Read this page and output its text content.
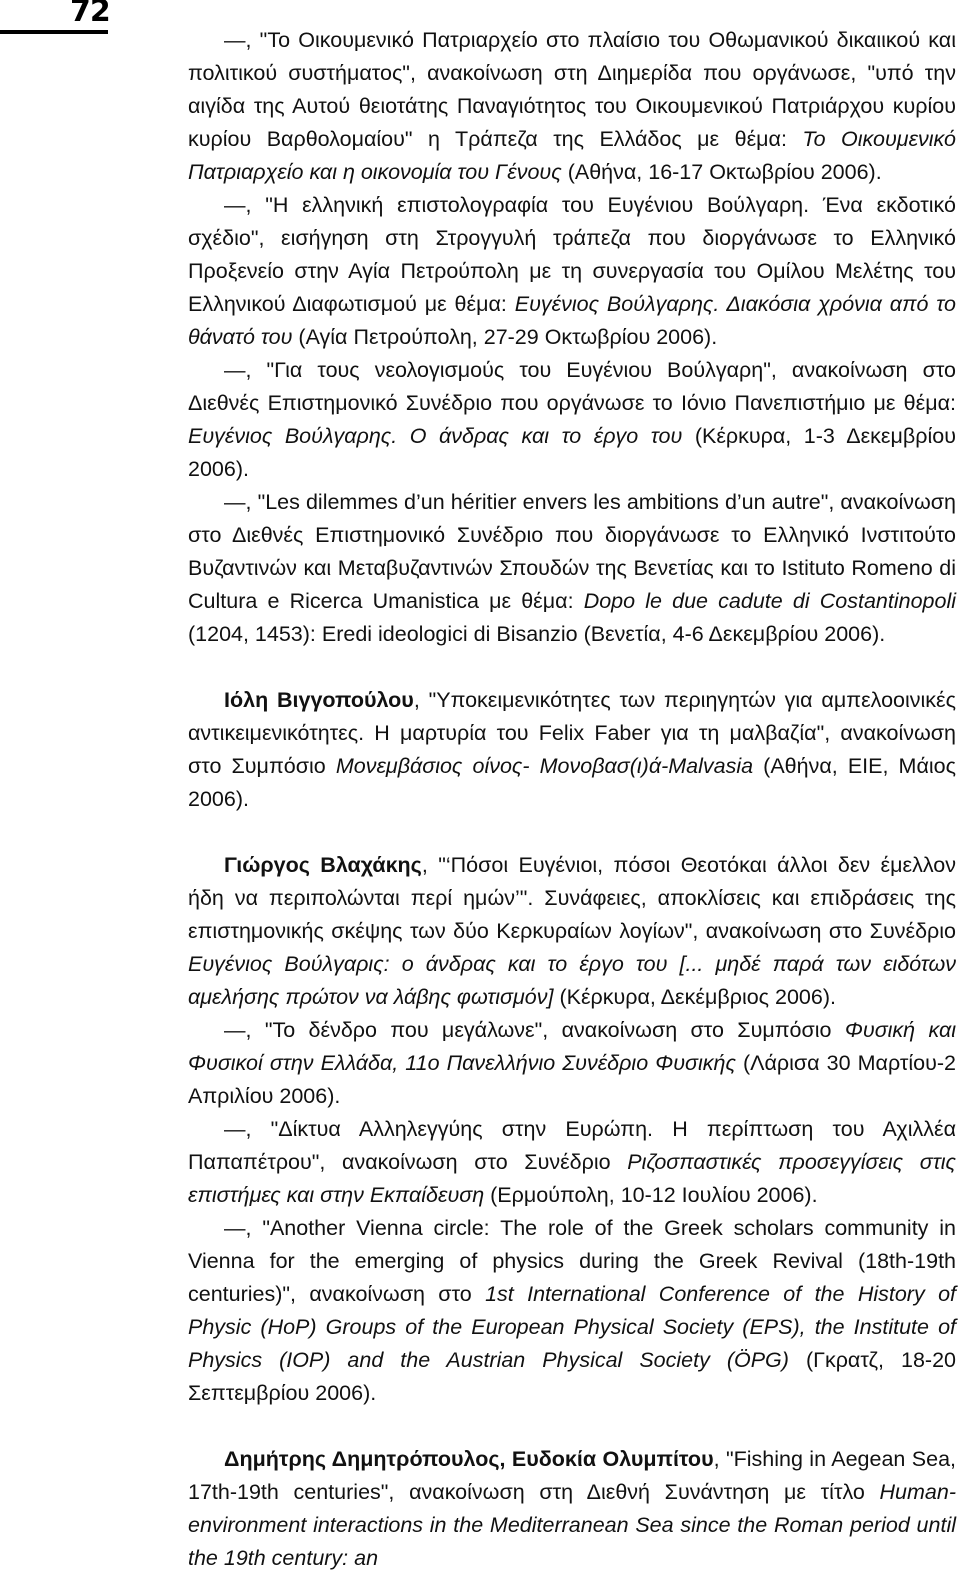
72

—, "Το Οικουμενικό Πατριαρχείο στο πλαίσιο του Οθωμανικού δικαιικού και πολιτικού συστήματος", ανακοίνωση στη Διημερίδα που οργάνωσε, "υπό την αιγίδα της Αυτού θειοτάτης Παναγιότητος του Οικουμενικού Πατριάρχου κυρίου κυρίου Βαρθολομαίου" η Τράπεζα της Ελλάδος με θέμα: Το Οικουμενικό Πατριαρχείο και η οικονομία του Γένους (Αθήνα, 16-17 Οκτωβρίου 2006).

—, "Η ελληνική επιστολογραφία του Ευγένιου Βούλγαρη. Ένα εκδοτικό σχέδιο", εισήγηση στη Στρογγυλή τράπεζα που διοργάνωσε το Ελληνικό Προξενείο στην Αγία Πετρούπολη με τη συνεργασία του Ομίλου Μελέτης του Ελληνικού Διαφωτισμού με θέμα: Ευγένιος Βούλγαρης. Διακόσια χρόνια από το θάνατό του (Αγία Πετρούπολη, 27-29 Οκτωβρίου 2006).

—, "Για τους νεολογισμούς του Ευγένιου Βούλγαρη", ανακοίνωση στο Διεθνές Επιστημονικό Συνέδριο που οργάνωσε το Ιόνιο Πανεπιστήμιο με θέμα: Ευγένιος Βούλγαρης. Ο άνδρας και το έργο του (Κέρκυρα, 1-3 Δεκεμβρίου 2006).

—, "Les dilemmes d’un héritier envers les ambitions d’un autre", ανακοίνωση στο Διεθνές Επιστημονικό Συνέδριο που διοργάνωσε το Ελληνικό Ινστιτούτο Βυζαντινών και Μεταβυζαντινών Σπουδών της Βενετίας και το Istituto Romeno di Cultura e Ricerca Umanistica με θέμα: Dopo le due cadute di Costantinopoli (1204, 1453): Eredi ideologici di Bisanzio (Βενετία, 4-6 Δεκεμβρίου 2006).

Ιόλη Βιγγοπούλου, "Υποκειμενικότητες των περιηγητών για αμπελοοινικές αντικειμενικότητες. Η μαρτυρία του Felix Faber για τη μαλβαζία", ανακοίνωση στο Συμπόσιο Μονεμβάσιος οίνος- Μονοβασ(ι)ά-Malvasia (Αθήνα, ΕΙΕ, Μάιος 2006).

Γιώργος Βλαχάκης, "‘Πόσοι Ευγένιοι, πόσοι Θεοτόκαι άλλοι δεν έμελλον ήδη να περιπολώνται περί ημών’". Συνάφειες, αποκλίσεις και επιδράσεις της επιστημονικής σκέψης των δύο Κερκυραίων λογίων", ανακοίνωση στο Συνέδριο Ευγένιος Βούλγαρις: ο άνδρας και το έργο του [... μηδέ παρά των ειδότων αμελήσης πρώτον να λάβης φωτισμόν] (Κέρκυρα, Δεκέμβριος 2006).

—, "Το δένδρο που μεγάλωνε", ανακοίνωση στο Συμπόσιο Φυσική και Φυσικοί στην Ελλάδα, 11ο Πανελλήνιο Συνέδριο Φυσικής (Λάρισα 30 Μαρτίου-2 Απριλίου 2006).

—, "Δίκτυα Αλληλεγγύης στην Ευρώπη. Η περίπτωση του Αχιλλέα Παπαπέτρου", ανακοίνωση στο Συνέδριο Ριζοσπαστικές προσεγγίσεις στις επιστήμες και στην Εκπαίδευση (Ερμούπολη, 10-12 Ιουλίου 2006).

—, "Another Vienna circle: The role of the Greek scholars community in Vienna for the emerging of physics during the Greek Revival (18th-19th centuries)", ανακοίνωση στο 1st International Conference of the History of Physic (HoP) Groups of the European Physical Society (EPS), the Institute of Physics (IOP) and the Austrian Physical Society (ÖPG) (Γκρατζ, 18-20 Σεπτεμβρίου 2006).

Δημήτρης Δημητρόπουλος, Ευδοκία Ολυμπίτου, "Fishing in Aegean Sea, 17th-19th centuries", ανακοίνωση στη Διεθνή Συνάντηση με τίτλο Human-environment interactions in the Mediterranean Sea since the Roman period until the 19th century: an
